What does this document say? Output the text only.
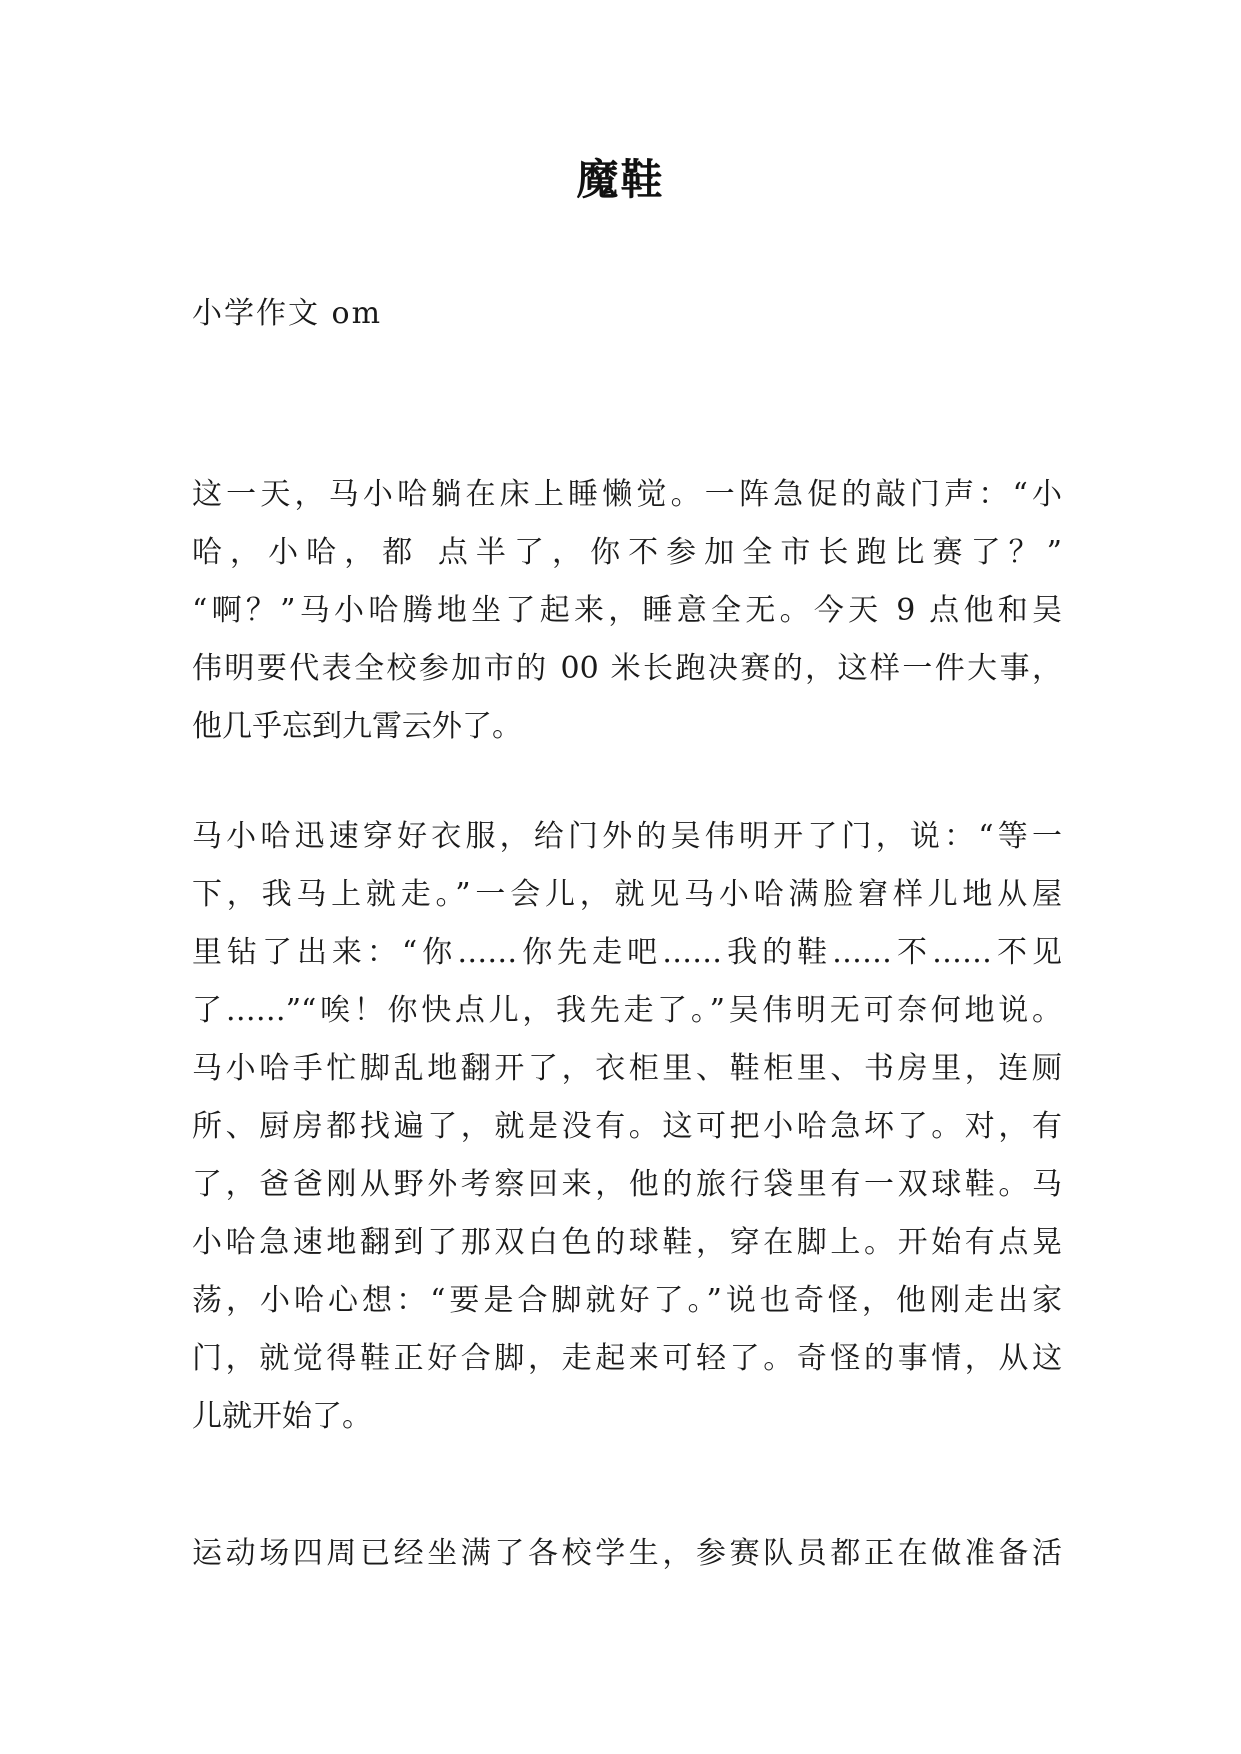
魔鞋
小学作文 om
这一天，马小哈躺在床上睡懒觉。一阵急促的敲门声：“小
哈，小哈，都 点半了，你不参加全市长跑比赛了？”
“啊？”马小哈腾地坐了起来，睡意全无。今天 9 点他和吴
伟明要代表全校参加市的 00 米长跑决赛的，这样一件大事，
他几乎忘到九霄云外了。
马小哈迅速穿好衣服，给门外的吴伟明开了门，说：“等一
下，我马上就走。”一会儿，就见马小哈满脸窘样儿地从屋
里钻了出来：“你……你先走吧……我的鞋……不……不见
了……”“唉！你快点儿，我先走了。”吴伟明无可奈何地说。
马小哈手忙脚乱地翻开了，衣柜里、鞋柜里、书房里，连厕
所、厨房都找遍了，就是没有。这可把小哈急坏了。对，有
了，爸爸刚从野外考察回来，他的旅行袋里有一双球鞋。马
小哈急速地翻到了那双白色的球鞋，穿在脚上。开始有点晃
荡，小哈心想：“要是合脚就好了。”说也奇怪，他刚走出家
门，就觉得鞋正好合脚，走起来可轻了。奇怪的事情，从这
儿就开始了。
运动场四周已经坐满了各校学生，参赛队员都正在做准备活
